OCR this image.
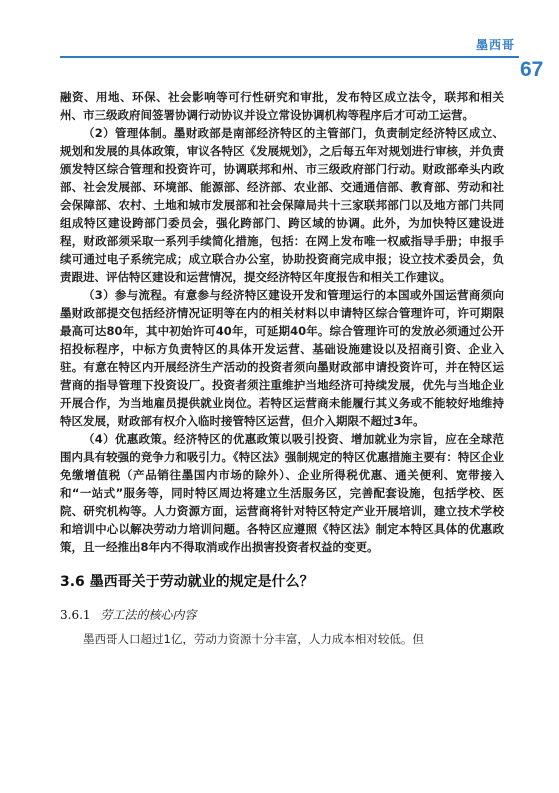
墨西哥
67

融资、用地、环保、社会影响等可行性研究和审批，发布特区成立法令，联邦和相关州、市三级政府间签署协调行动协议并设立常设协调机构等程序后才可动工运营。

（2）管理体制。墨财政部是南部经济特区的主管部门，负责制定经济特区成立、规划和发展的具体政策，审议各特区《发展规划》，之后每五年对规划进行审核，并负责颁发特区综合管理和投资许可，协调联邦和州、市三级政府部门行动。财政部牵头内政部、社会发展部、环境部、能源部、经济部、农业部、交通通信部、教育部、劳动和社会保障部、农村、土地和城市发展部和社会保障局共十三家联邦部门以及地方部门共同组成特区建设跨部门委员会，强化跨部门、跨区域的协调。此外，为加快特区建设进程，财政部须采取一系列手续简化措施，包括：在网上发布唯一权威指导手册；申报手续可通过电子系统完成；成立联合办公室，协助投资商完成申报；设立技术委员会，负责跟进、评估特区建设和运营情况，提交经济特区年度报告和相关工作建议。

（3）参与流程。有意参与经济特区建设开发和管理运行的本国或外国运营商须向墨财政部提交包括经济情况证明等在内的相关材料以申请特区综合管理许可，许可期限最高可达80年，其中初始许可40年，可延期40年。综合管理许可的发放必须通过公开招投标程序，中标方负责特区的具体开发运营、基础设施建设以及招商引资、企业入驻。有意在特区内开展经济生产活动的投资者须向墨财政部申请投资许可，并在特区运营商的指导管理下投资设厂。投资者须注重维护当地经济可持续发展，优先与当地企业开展合作，为当地雇员提供就业岗位。若特区运营商未能履行其义务或不能较好地维持特区发展，财政部有权介入临时接管特区运营，但介入期限不超过3年。

（4）优惠政策。经济特区的优惠政策以吸引投资、增加就业为宗旨，应在全球范围内具有较强的竞争力和吸引力。《特区法》强制规定的特区优惠措施主要有：特区企业免缴增值税（产品销往墨国内市场的除外）、企业所得税优惠、通关便利、宽带接入和“一站式”服务等，同时特区周边将建立生活服务区，完善配套设施，包括学校、医院、研究机构等。人力资源方面，运营商将针对特区特定产业开展培训，建立技术学校和培训中心以解决劳动力培训问题。各特区应遵照《特区法》制定本特区具体的优惠政策，且一经推出8年内不得取消或作出损害投资者权益的变更。

3.6 墨西哥关于劳动就业的规定是什么？
3.6.1 劳工法的核心内容

墨西哥人口超过1亿，劳动力资源十分丰富，人力成本相对较低。但
